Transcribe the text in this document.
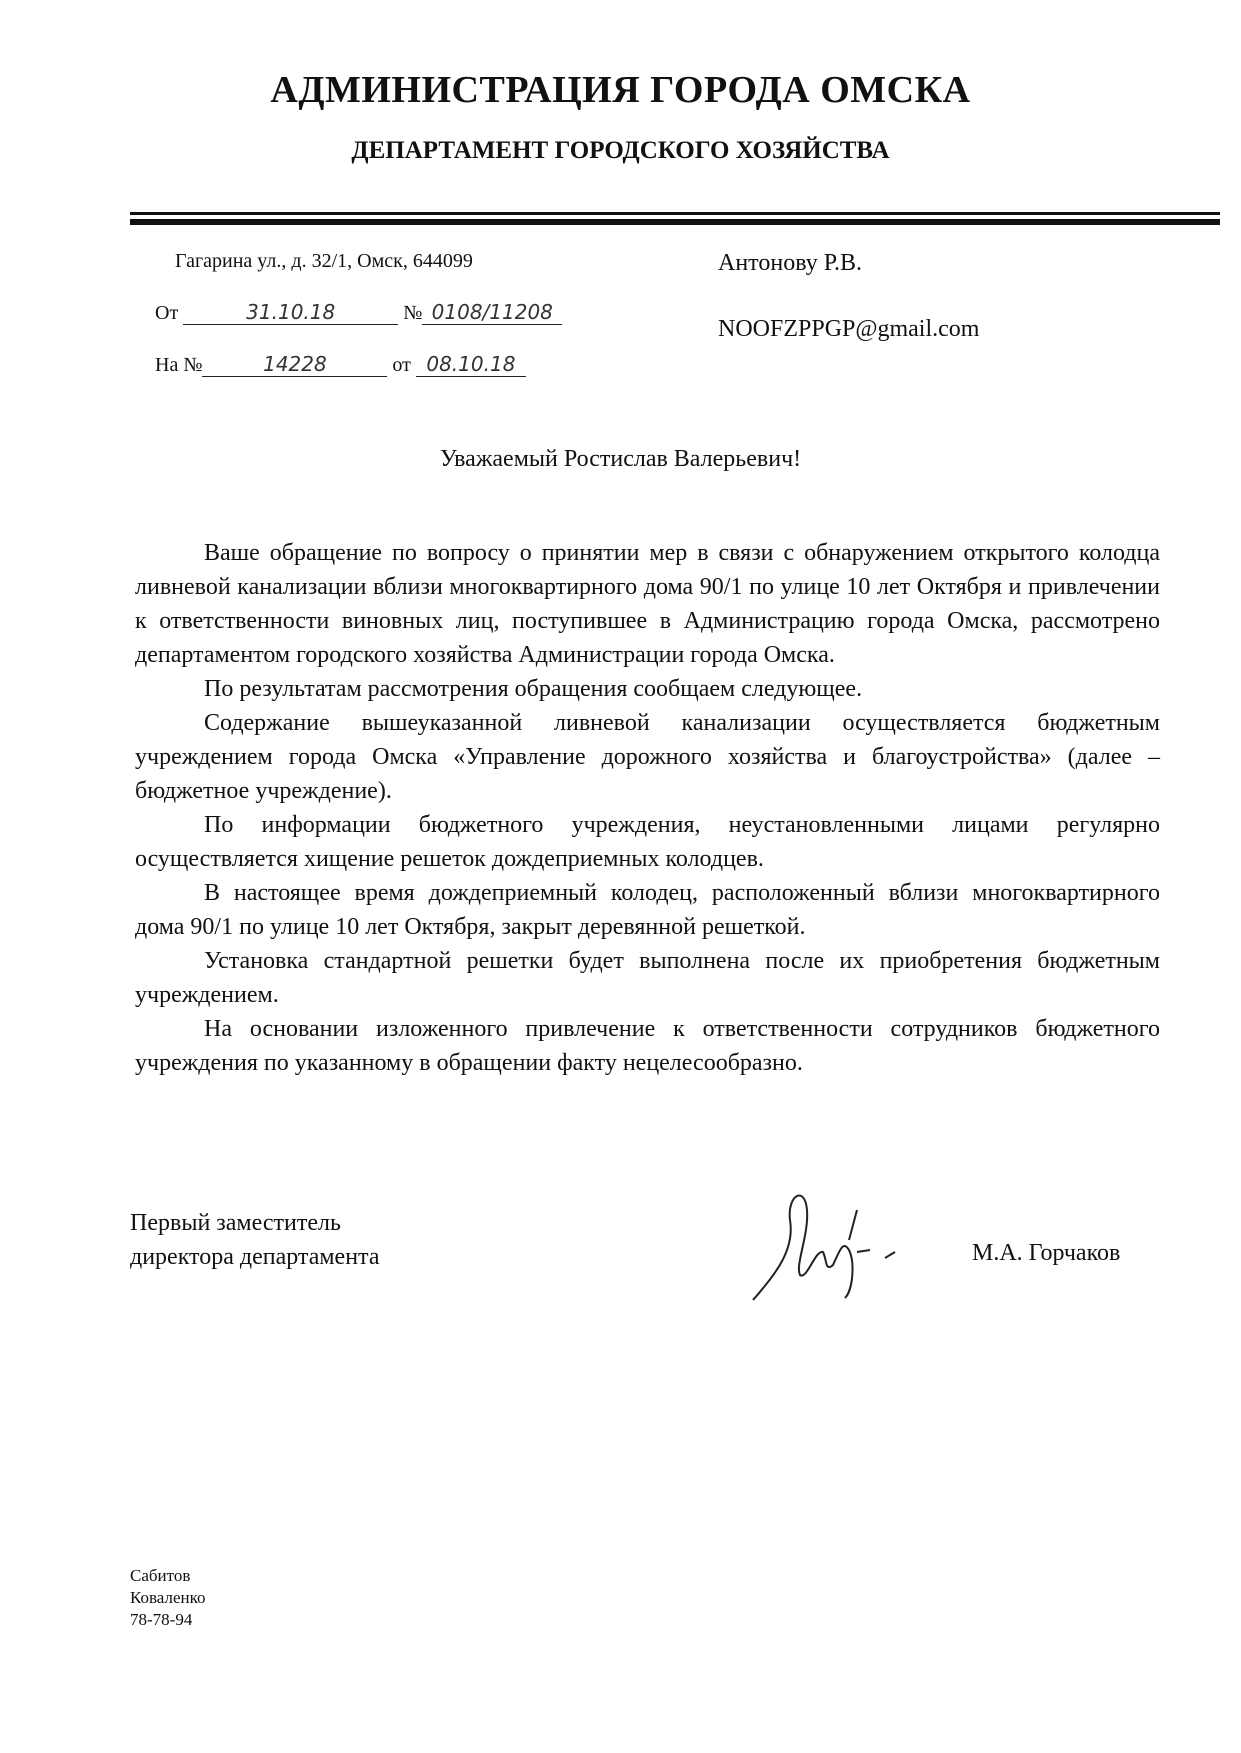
АДМИНИСТРАЦИЯ ГОРОДА ОМСКА
ДЕПАРТАМЕНТ ГОРОДСКОГО ХОЗЯЙСТВА
Гагарина ул., д. 32/1, Омск, 644099
От	31.10.18	№ 0108/11208
На №	14228	от 08.10.18
Антонову Р.В.
NOOFZPPGP@gmail.com
Уважаемый Ростислав Валерьевич!

Ваше обращение по вопросу о принятии мер в связи с обнаружением открытого колодца ливневой канализации вблизи многоквартирного дома 90/1 по улице 10 лет Октября и привлечении к ответственности виновных лиц, поступившее в Администрацию города Омска, рассмотрено департаментом городского хозяйства Администрации города Омска.

По результатам рассмотрения обращения сообщаем следующее.

Содержание вышеуказанной ливневой канализации осуществляется бюджетным учреждением города Омска «Управление дорожного хозяйства и благоустройства» (далее – бюджетное учреждение).

По информации бюджетного учреждения, неустановленными лицами регулярно осуществляется хищение решеток дождеприемных колодцев.

В настоящее время дождеприемный колодец, расположенный вблизи многоквартирного дома 90/1 по улице 10 лет Октября, закрыт деревянной решеткой.

Установка стандартной решетки будет выполнена после их приобретения бюджетным учреждением.

На основании изложенного привлечение к ответственности сотрудников бюджетного учреждения по указанному в обращении факту нецелесообразно.

Первый заместитель
директора департамента	М.А. Горчаков
Сабитов
Коваленко
78-78-94
